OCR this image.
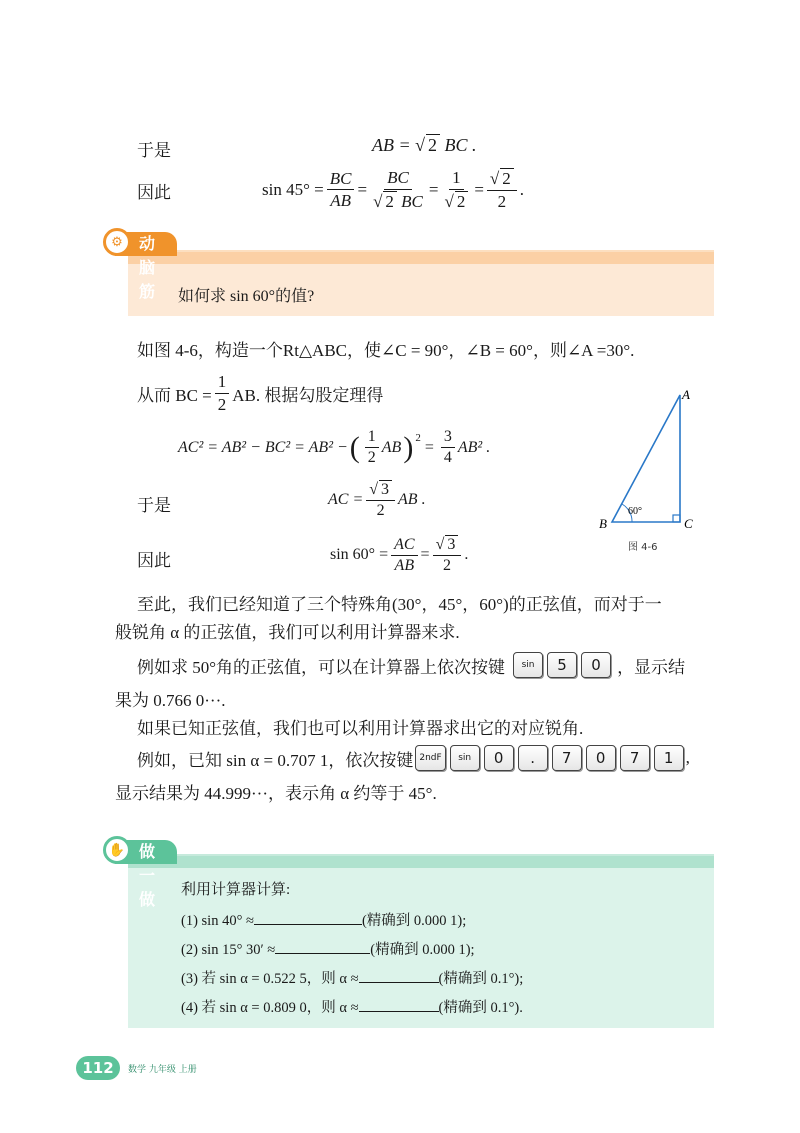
于是	AB = √ 2 BC .
因此	$\sin 45^\circ = \frac{BC}{AB} = \frac{BC}{√ 2 BC} = \frac{1}{√ 2} = \frac{√ 2}{2}$ .
动脑筋
⚙
如何求 sin 60°的值?
如图 4-6，构造一个Rt△ABC，使∠C = 90°，∠B = 60°，则∠A =30°.
从而 BC = $\frac{1}{2}$ AB. 根据勾股定理得
AC² = AB² − BC² = AB² − ( $\frac{1}{2}$ AB )$^2$
= $\frac{3}{4} AB^2$ .
于是	AC = $\frac{√ 3}{2}$ AB .
因此	$\sin 60^\circ = \frac{AC}{AB} = \frac{√ 3}{2}$ .
A
B	C
60°
图 4-6
至此，我们已经知道了三个特殊角(30°，45°，60°)的正弦值，而对于一
般锐角 α 的正弦值，我们可以利用计算器来求.
例如求 50°角的正弦值，可以在计算器上依次按键	sin 5 0 ，显示结
果为 0.766 0···.
如果已知正弦值，我们也可以利用计算器求出它的对应锐角.
例如，已知 sin α = 0.707 1，依次按键 2ndF sin 0 . 7 0 7 1 ,
显示结果为 44.999···，表示角 α 约等于 45°.
做一做
✋
利用计算器计算:
(1) sin 40° ≈	(精确到 0.000 1);
(2) sin 15° 30′ ≈	(精确到 0.000 1);
(3) 若 sin α = 0.522 5，则 α ≈	(精确到 0.1°);
(4) 若 sin α = 0.809 0，则 α ≈	(精确到 0.1°).
112	数学 九年级 上册
